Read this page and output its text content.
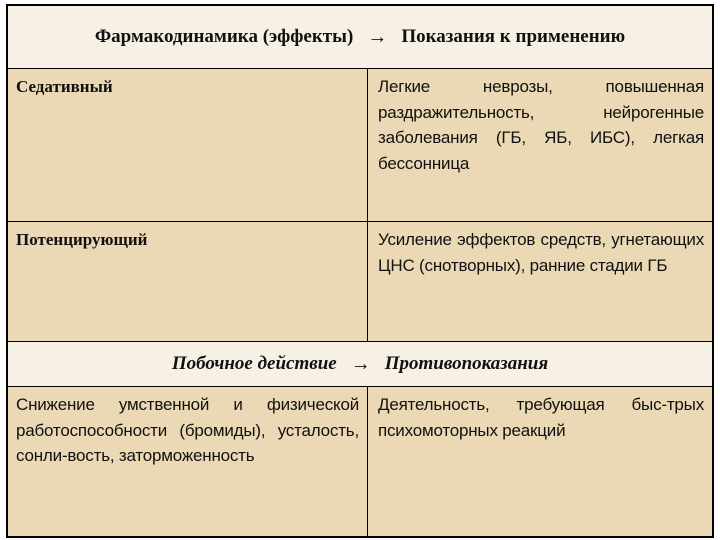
Фармакодинамика (эффекты) → Показания к применению
Седативный	Легкие неврозы, повышенная раздражительность, нейрогенные заболевания (ГБ, ЯБ, ИБС), легкая бессонница
Потенцирующий	Усиление эффектов средств, угнетающих ЦНС (снотворных), ранние стадии ГБ
Побочное действие → Противопоказания
Снижение умственной и физической работоспособности (бромиды), усталость, сонли-вость, заторможенность
Деятельность, требующая быс-трых психомоторных реакций
